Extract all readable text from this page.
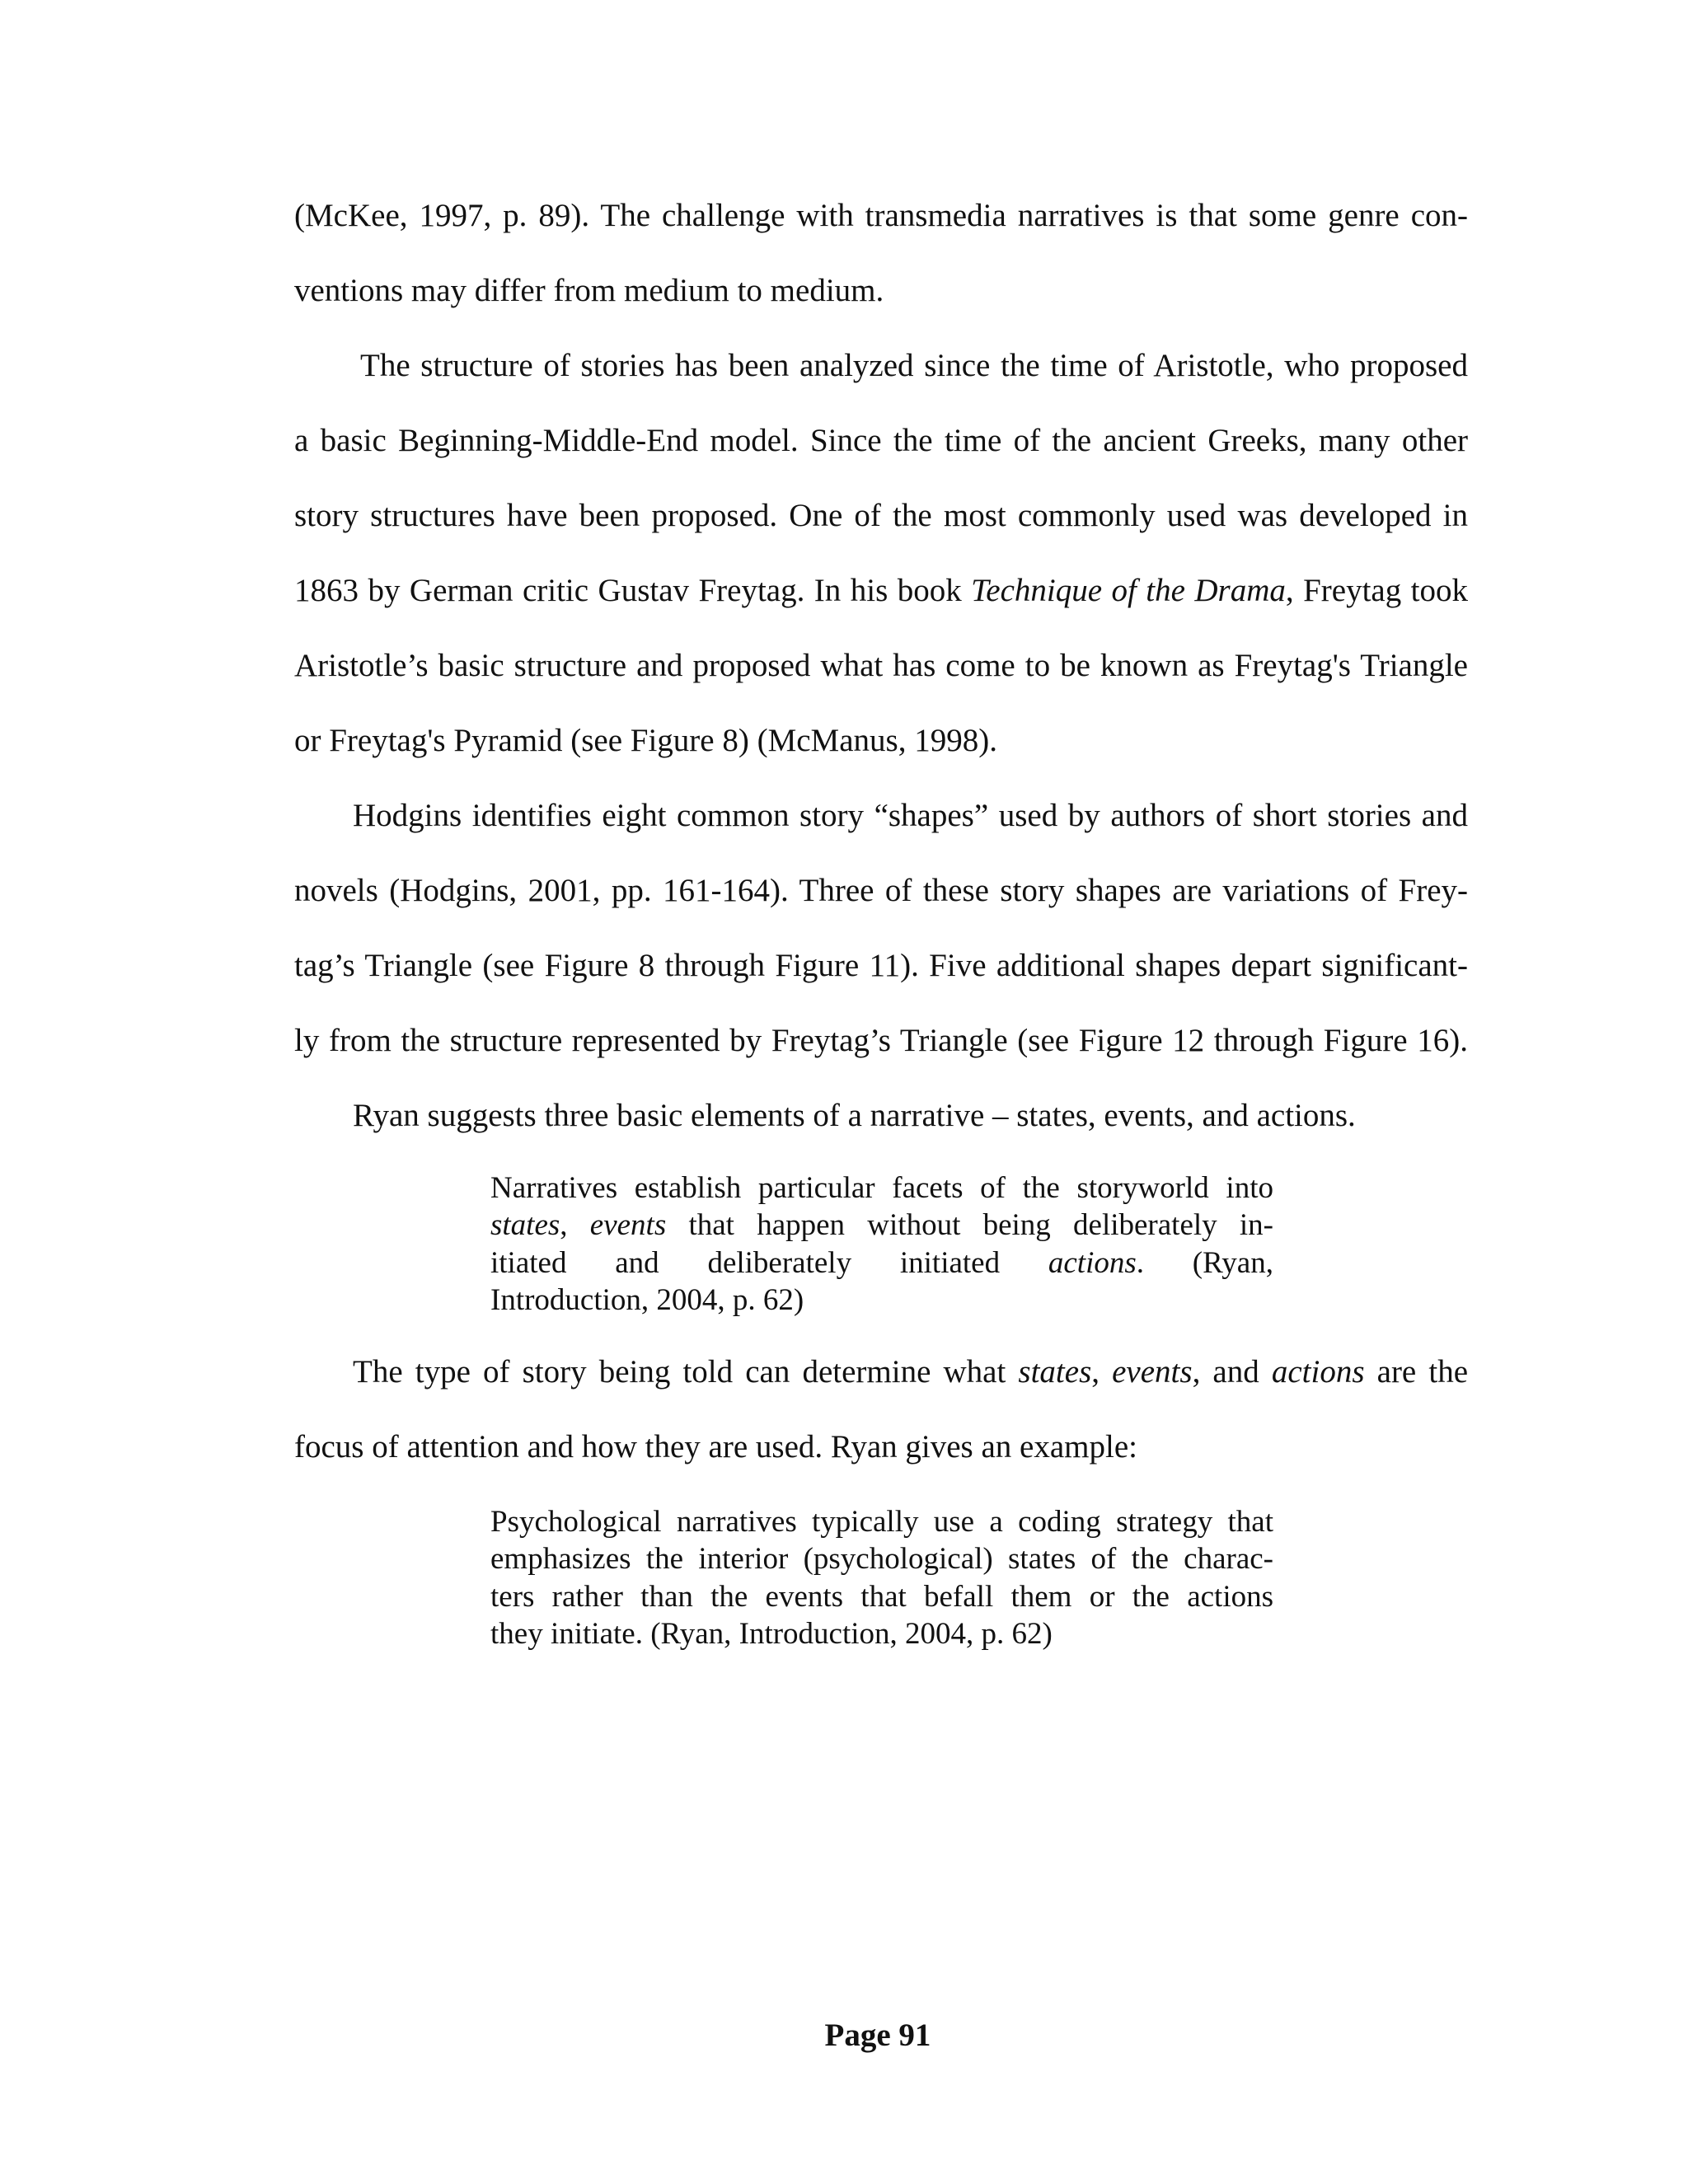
(McKee, 1997, p. 89). The challenge with transmedia narratives is that some genre con-
ventions may differ from medium to medium.
The structure of stories has been analyzed since the time of Aristotle, who proposed
a basic Beginning-Middle-End model. Since the time of the ancient Greeks, many other
story structures have been proposed. One of the most commonly used was developed in
1863 by German critic Gustav Freytag. In his book Technique of the Drama, Freytag took
Aristotle’s basic structure and proposed what has come to be known as Freytag's Triangle
or Freytag's Pyramid (see Figure 8) (McManus, 1998).
Hodgins identifies eight common story “shapes” used by authors of short stories and
novels (Hodgins, 2001, pp. 161-164). Three of these story shapes are variations of Frey-
tag’s Triangle (see Figure 8 through Figure 11). Five additional shapes depart significant-
ly from the structure represented by Freytag’s Triangle (see Figure 12 through Figure 16).
Ryan suggests three basic elements of a narrative – states, events, and actions.
Narratives establish particular facets of the storyworld into
states, events that happen without being deliberately in-
itiated and deliberately initiated actions. (Ryan,
Introduction, 2004, p. 62)
The type of story being told can determine what states, events, and actions are the
focus of attention and how they are used. Ryan gives an example:
Psychological narratives typically use a coding strategy that
emphasizes the interior (psychological) states of the charac-
ters rather than the events that befall them or the actions
they initiate. (Ryan, Introduction, 2004, p. 62)
Page 91
